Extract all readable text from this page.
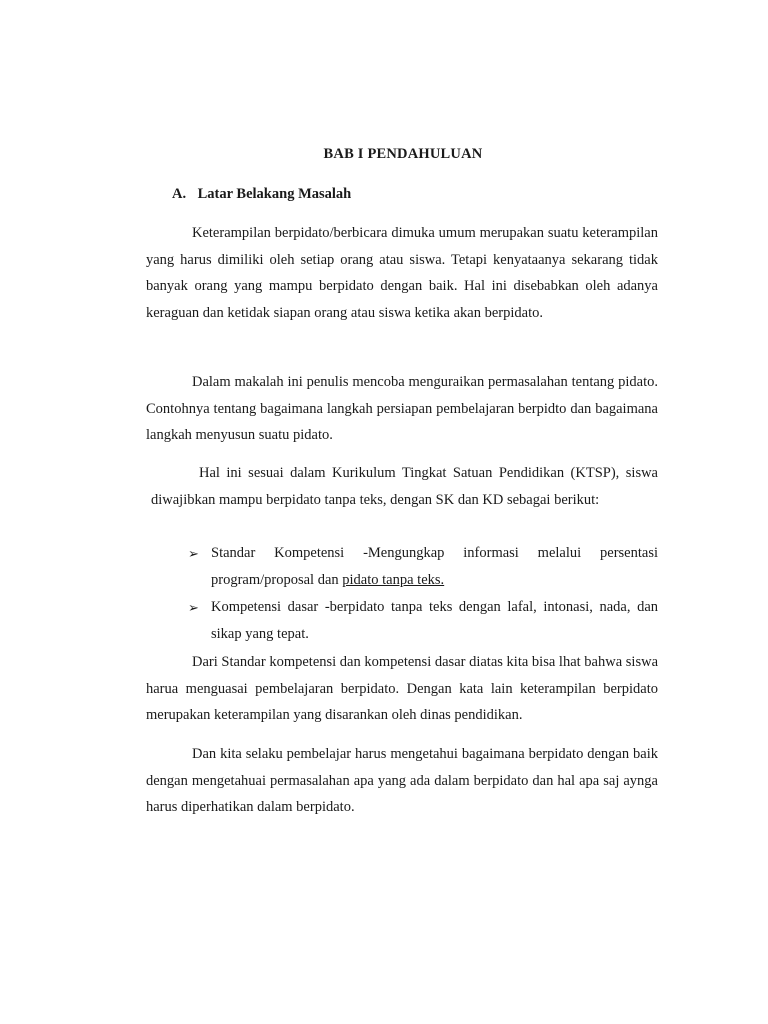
BAB I PENDAHULUAN
A. Latar Belakang Masalah
Keterampilan berpidato/berbicara dimuka umum merupakan suatu keterampilan yang harus dimiliki oleh setiap orang atau siswa. Tetapi kenyataanya sekarang tidak banyak orang yang mampu berpidato dengan baik. Hal ini disebabkan oleh adanya keraguan dan ketidak siapan orang atau siswa ketika akan berpidato.
Dalam makalah ini penulis mencoba menguraikan permasalahan tentang pidato. Contohnya tentang bagaimana langkah persiapan pembelajaran berpidto dan bagaimana langkah menyusun suatu pidato.
Hal ini sesuai dalam Kurikulum Tingkat Satuan Pendidikan (KTSP), siswa diwajibkan mampu berpidato tanpa teks, dengan SK dan KD sebagai berikut:
➢ Standar Kompetensi -Mengungkap informasi melalui persentasi program/proposal dan pidato tanpa teks.
➢ Kompetensi dasar -berpidato tanpa teks dengan lafal, intonasi, nada, dan sikap yang tepat.
Dari Standar kompetensi dan kompetensi dasar diatas kita bisa lhat bahwa siswa harua menguasai pembelajaran berpidato. Dengan kata lain keterampilan berpidato merupakan keterampilan yang disarankan oleh dinas pendidikan.
Dan kita selaku pembelajar harus mengetahui bagaimana berpidato dengan baik dengan mengetahuai permasalahan apa yang ada dalam berpidato dan hal apa saj aynga harus diperhatikan dalam berpidato.
